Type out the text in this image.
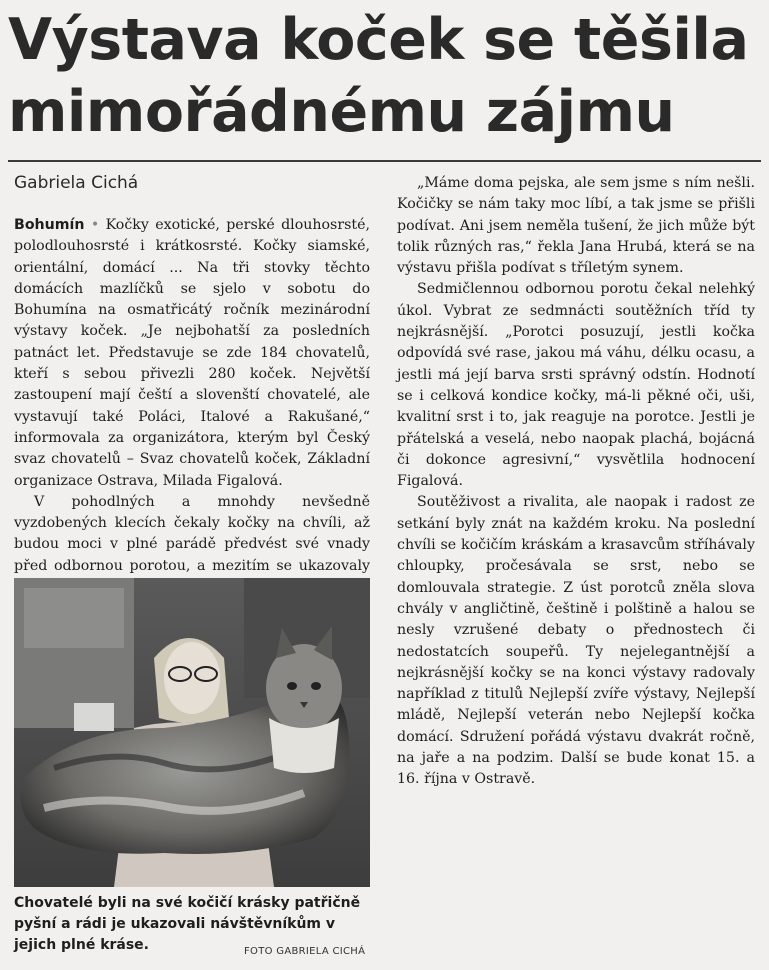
Výstava koček se těšila
mimořádnému zájmu
Gabriela Cichá

Bohumín • Kočky exotické, perské dlouhosrsté, polodlouhosrsté i krátkosrsté. Kočky siamské, orientální, domácí ... Na tři stovky těchto domácích mazlíčků se sjelo v sobotu do Bohumína na osmatřicátý ročník mezinárodní výstavy koček. „Je nejbohatší za posledních patnáct let. Představuje se zde 184 chovatelů, kteří s sebou přivezli 280 koček. Největší zastoupení mají čeští a slovenští chovatelé, ale vystavují také Poláci, Italové a Rakušané,“ informovala za organizátora, kterým byl Český svaz chovatelů – Svaz chovatelů koček, Základní organizace Ostrava, Milada Figalová.

V pohodlných a mnohdy nevšedně vyzdobených klecích čekaly kočky na chvíli, až budou moci v plné parádě předvést své vnady před odbornou porotou, a mezitím se ukazovaly

„Máme doma pejska, ale sem jsme s ním nešli. Kočičky se nám taky moc líbí, a tak jsme se přišli podívat. Ani jsem neměla tušení, že jich může být tolik různých ras,“ řekla Jana Hrubá, která se na výstavu přišla podívat s tříletým synem.

Sedmičlennou odbornou porotu čekal nelehký úkol. Vybrat ze sedmnácti soutěžních tříd ty nejkrásnější. „Porotci posuzují, jestli kočka odpovídá své rase, jakou má váhu, délku ocasu, a jestli má její barva srsti správný odstín. Hodnotí se i celková kondice kočky, má-li pěkné oči, uši, kvalitní srst i to, jak reaguje na porotce. Jestli je přátelská a veselá, nebo naopak plachá, bojácná či dokonce agresivní,“ vysvětlila hodnocení Figalová.

Soutěživost a rivalita, ale naopak i radost ze setkání byly znát na každém kroku. Na poslední chvíli se kočičím kráskám a krasavcům stříhávaly chloupky, pročesávala se srst, nebo se domlouvala strategie. Z úst porotců zněla slova chvály v angličtině, češtině i polštině a halou se nesly vzrušené debaty o přednostech či nedostatcích soupeřů. Ty nejelegantnější a nejkrásnější kočky se na konci výstavy radovaly například z titulů Nejlepší zvíře výstavy, Nejlepší mládě, Nejlepší veterán nebo Nejlepší kočka domácí. Sdružení pořádá výstavu dvakrát ročně, na jaře a na podzim. Další se bude konat 15. a 16. října v Ostravě.

Chovatelé byli na své kočičí krásky patřičně pyšní a rádi je ukazovali návštěvníkům v jejich plné kráse.	FOTO GABRIELA CICHÁ
